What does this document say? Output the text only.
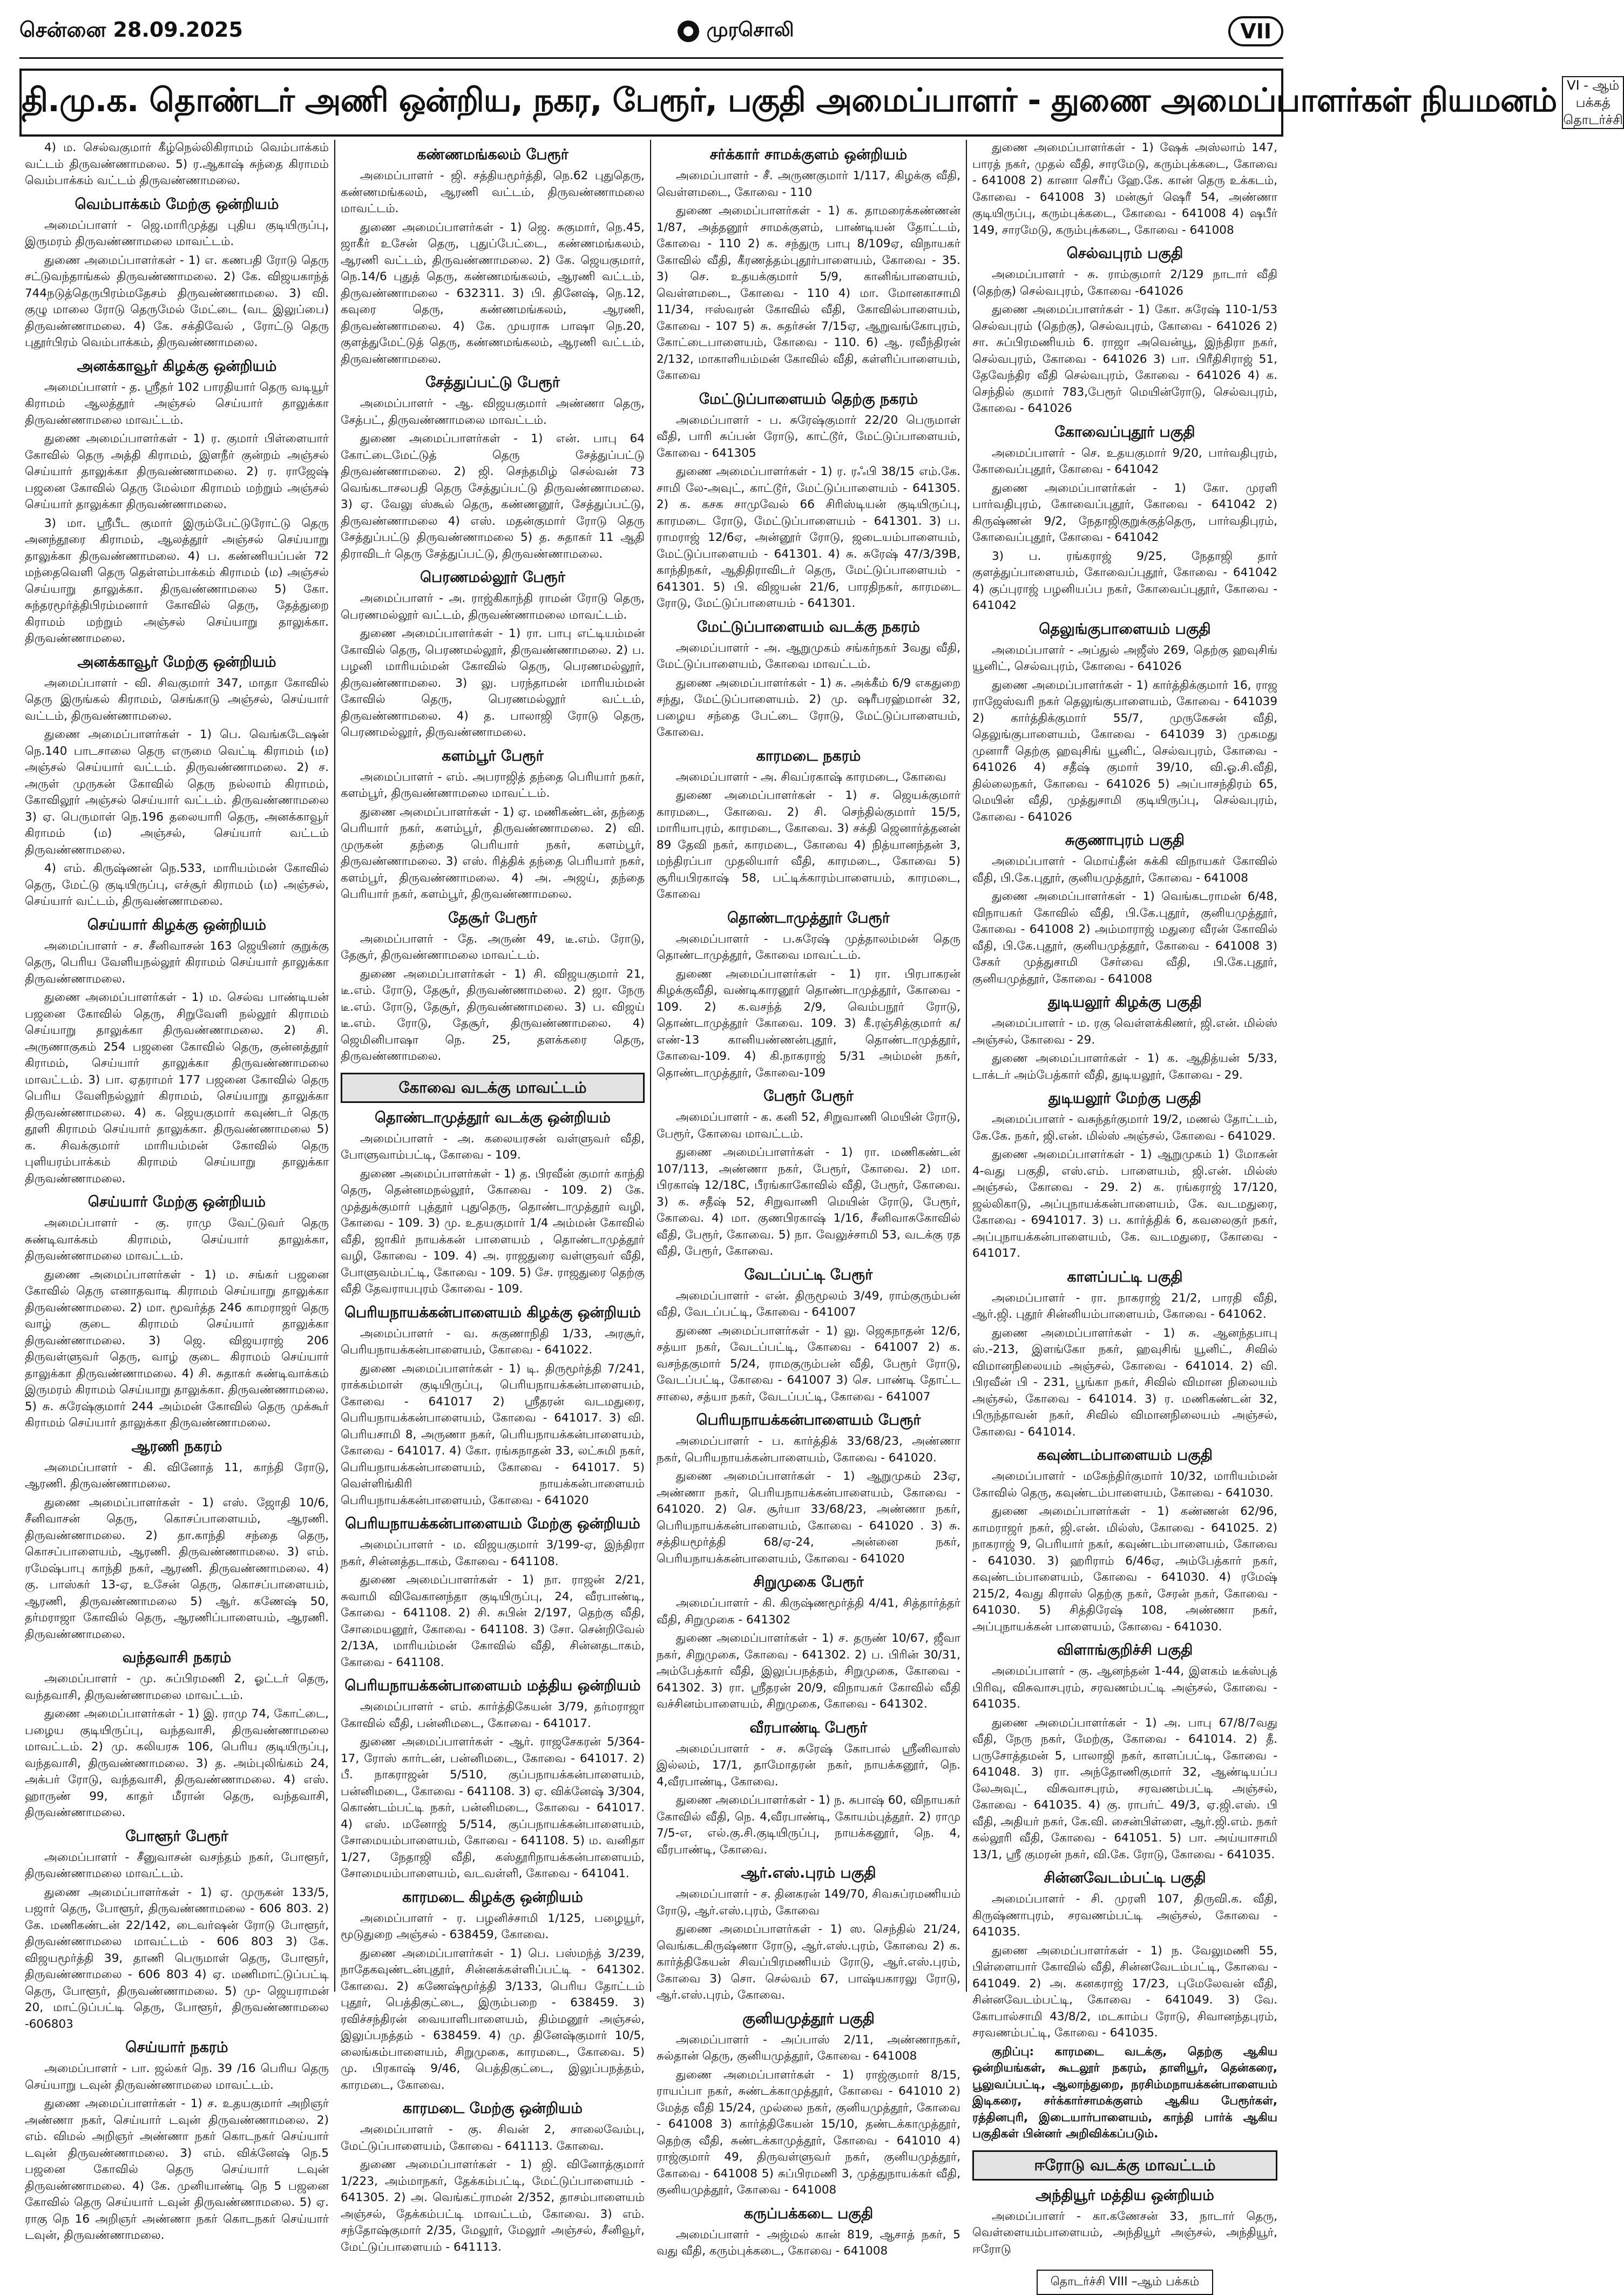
சென்னை 28.09.2025	முரசொலி	VII
தி.மு.க. தொண்டர் அணி ஒன்றிய, நகர, பேரூர், பகுதி அமைப்பாளர் - துணை அமைப்பாளர்கள் நியமனம் VI - ஆம் பக்கத் தொடர்ச்சி

4) ம. செல்வகுமார் கீழ்நெல்லிகிராமம் வெம்பாக்கம் வட்டம் திருவண்ணாமலை. 5) ர.ஆகாஷ் சுந்தை கிராமம் வெம்பாக்கம் வட்டம் திருவண்ணாமலை.

வெம்பாக்கம் மேற்கு ஒன்றியம்

அமைப்பாளர் - ஜெ.மாரிமுத்து புதிய குடியிருப்பு, இருமரம் திருவண்ணாமலை மாவட்டம்.

துணை அமைப்பாளர்கள் - 1) எ. கணபதி ரோடு தெரு சட்டுவந்தாங்கல் திருவண்ணாமலை. 2) கே. விஜயகாந்த் 744நடுத்தெருபிரம்மதேசம் திருவண்ணாமலை. 3) வி. குழு மாலை ரோடு தெருமேல் மேட்டை (வட இலுப்பை) திருவண்ணாமலை. 4) கே. சக்திவேல் , ரோட்டு தெரு புதூர்பிரம் வெம்பாக்கம், திருவண்ணாமலை.

அனக்காவூர் கிழக்கு ஒன்றியம்

அமைப்பாளர் - த. ஸ்ரீதர் 102 பாரதியார் தெரு வடியூர் கிராமம் ஆலத்தூர் அஞ்சல் செய்யார் தாலுக்கா திருவண்ணாமலை மாவட்டம்.

துணை அமைப்பாளர்கள் - 1) ர. குமார் பிள்ளையார் கோவில் தெரு அத்தி கிராமம், இளநீர் குன்றம் அஞ்சல் செய்யார் தாலுக்கா திருவண்ணாமலை. 2) ர. ராஜேஷ் பஜனை கோவில் தெரு மேல்மா கிராமம் மற்றும் அஞ்சல் செய்யார் தாலுக்கா திருவண்ணாமலை.

3) மா. ஸ்ரீபீட குமார் இரும்பேட்டுரோட்டு தெரு அனந்தூரை கிராமம், ஆலத்தூர் அஞ்சல் செய்யாறு தாலுக்கா திருவண்ணாமலை. 4) ப. கண்ணியப்பன் 72 மந்தைவெளி தெரு தெள்ளம்பாக்கம் கிராமம் (ம) அஞ்சல் செய்யாறு தாலுக்கா. திருவண்ணாமலை 5) கோ. சுந்தரமூர்த்திபிரம்மனார் கோவில் தெரு, தேத்துறை கிராமம் மற்றும் அஞ்சல் செய்யாறு தாலுக்கா. திருவண்ணாமலை.

அனக்காவூர் மேற்கு ஒன்றியம்

அமைப்பாளர் - வி. சிவகுமார் 347, மாதா கோவில் தெரு இருங்கல் கிராமம், செங்காடு அஞ்சல், செய்யார் வட்டம், திருவண்ணாமலை.

துணை அமைப்பாளர்கள் - 1) பெ. வெங்கடேஷன் நெ.140 பாடசாலை தெரு எருமை வெட்டி கிராமம் (ம) அஞ்சல் செய்யார் வட்டம். திருவண்ணாமலை. 2) ச. அருள் முருகன் கோவில் தெரு நல்லாம் கிராமம், கோவிலூர் அஞ்சல் செய்யார் வட்டம். திருவண்ணாமலை 3) ஏ. பெருமாள் நெ.196 தலையாரி தெரு, அனக்காவூர் கிராமம் (ம) அஞ்சல், செய்யார் வட்டம் திருவண்ணாமலை.

4) எம். கிருஷ்ணன் நெ.533, மாரியம்மன் கோவில் தெரு, மேட்டு குடியிருப்பு, எச்சூர் கிராமம் (ம) அஞ்சல், செய்யார் வட்டம், திருவண்ணாமலை.

செய்யார் கிழக்கு ஒன்றியம்

அமைப்பாளர் - ச. சீனிவாசன் 163 ஜெயினர் குறுக்கு தெரு, பெரிய வேளியநல்லூர் கிராமம் செய்யார் தாலுக்கா திருவண்ணாமலை.

துணை அமைப்பாளர்கள் - 1) ம. செல்வ பாண்டியன் பஜனை கோவில் தெரு, சிறுவேளி நல்லூர் கிராமம் செய்யாறு தாலுக்கா திருவண்ணாமலை. 2) சி. அருணாகுகம் 254 பஜனை கோவில் தெரு, குன்னத்தூர் கிராமம், செய்யார் தாலுக்கா திருவண்ணாமலை மாவட்டம். 3) பா. ஏதராமர் 177 பஜனை கோவில் தெரு பெரிய வேளிநல்லூர் கிராமம், செய்யாறு தாலுக்கா திருவண்ணாமலை. 4) க. ஜெயகுமார் கவுண்டர் தெரு தூளி கிராமம் செய்யார் தாலுக்கா. திருவண்ணாமலை 5) க. சிவக்குமார் மாரியம்மன் கோவில் தெரு புளியரம்பாக்கம் கிராமம் செய்யாறு தாலுக்கா திருவண்ணாமலை.

செய்யார் மேற்கு ஒன்றியம்

அமைப்பாளர் - கு. ராமு வேட்டுவர் தெரு சுண்டிவாக்கம் கிராமம், செய்யார் தாலுக்கா, திருவண்ணாமலை மாவட்டம்.

துணை அமைப்பாளர்கள் - 1) ம. சங்கர் பஜனை கோவில் தெரு எனாதவாடி கிராமம் செய்யாறு தாலுக்கா திருவண்ணாமலை. 2) மா. மூவர்த்த 246 காமராஜர் தெரு வாழ் குடை கிராமம் செய்யார் தாலுக்கா திருவண்ணாமலை. 3) ஜெ. விஜயராஜ் 206 திருவள்ளுவர் தெரு, வாழ் குடை கிராமம் செய்யார் தாலுக்கா திருவண்ணாமலை. 4) சி. சுதாகர் சுண்டிவாக்கம் இருமரம் கிராமம் செய்யாறு தாலுக்கா. திருவண்ணாமலை. 5) சு. சுரேஷ்குமார் 244 அம்மன் கோவில் தெரு முக்கூர் கிராமம் செய்யார் தாலுக்கா திருவண்ணாமலை.

ஆரணி நகரம்

அமைப்பாளர் - கி. வினோத் 11, காந்தி ரோடு, ஆரணி. திருவண்ணாமலை.

துணை அமைப்பாளர்கள் - 1) எஸ். ஜோதி 10/6, சீனிவாசன் தெரு, கொசப்பாளையம், ஆரணி. திருவண்ணாமலை. 2) தா.காந்தி சந்தை தெரு, கொசப்பாளையம், ஆரணி. திருவண்ணாமலை. 3) எம். ரமேஷ்பாபு காந்தி நகர், ஆரணி. திருவண்ணாமலை. 4) கு. பாஸ்கர் 13-ஏ, உசேன் தெரு, கொசப்பாளையம், ஆரணி, திருவண்ணாமலை 5) ஆர். கணேஷ் 50, தர்மராஜா கோவில் தெரு, ஆரணிப்பாளையம், ஆரணி. திருவண்ணாமலை.

வந்தவாசி நகரம்

அமைப்பாளர் - மு. சுப்பிரமணி 2, ஓட்டர் தெரு, வந்தவாசி, திருவண்ணாமலை மாவட்டம்.

துணை அமைப்பாளர்கள் - 1) இ. ராமு 74, கோட்டை, பழைய குடியிருப்பு, வந்தவாசி, திருவண்ணாமலை மாவட்டம். 2) மு. கலியரசு 106, பெரிய குடியிருப்பு, வந்தவாசி, திருவண்ணாமலை. 3) த. அம்புலிங்கம் 24, அக்பர் ரோடு, வந்தவாசி, திருவண்ணாமலை. 4) எஸ். ஹாருண் 99, காதர் மீரான் தெரு, வந்தவாசி, திருவண்ணாமலை.

போளூர் பேரூர்

அமைப்பாளர் - சீனுவாசன் வசந்தம் நகர், போளூர், திருவண்ணாமலை மாவட்டம்.

துணை அமைப்பாளர்கள் - 1) ஏ. முருகன் 133/5, பஜார் தெரு, போளூர், திருவண்ணாமலை - 606 803. 2) கே. மணிகண்டன் 22/142, டைவர்ஷன் ரோடு போளூர், திருவண்ணாமலை மாவட்டம் - 606 803 3) கே. விஜயமூர்த்தி 39, தாணி பெருமாள் தெரு, போளூர், திருவண்ணாமலை - 606 803 4) ஏ. மணிமாட்டுப்பட்டி தெரு, போளூர், திருவண்ணாமலை. 5) மு- ஜெயராமன் 20, மாட்டுப்பட்டி தெரு, போளூர், திருவண்ணாமலை -606803

செய்யார் நகரம்

அமைப்பாளர் - பா. ஜல்கர் நெ. 39 /16 பெரிய தெரு செய்யாறு டவுன் திருவண்ணாமலை மாவட்டம்.

துணை அமைப்பாளர்கள் - 1) ச. உதயகுமார் அறிஞர் அண்ணா நகர், செய்யார் டவுன் திருவண்ணாமலை. 2) எம். விமல் அறிஞர் அண்ணா நகர் கொடநகர் செய்யார் டவுன் திருவண்ணாமலை. 3) எம். விக்னேஷ் நெ.5 பஜனை கோவில் தெரு செய்யார் டவுன் திருவண்ணாமலை. 4) கே. முனியாண்டி நெ 5 பஜனை கோவில் தெரு செய்யார் டவுன் திருவண்ணாமலை. 5) ஏ. ராகு நெ 16 அறிஞர் அண்ணா நகர் கொடநகர் செய்யார் டவுன், திருவண்ணாமலை.

கண்ணமங்கலம் பேரூர்

அமைப்பாளர் - ஜி. சத்தியமூர்த்தி, நெ.62 புதுதெரு, கண்ணமங்கலம், ஆரணி வட்டம், திருவண்ணாமலை மாவட்டம்.

துணை அமைப்பாளர்கள் - 1) ஜெ. சுகுமார், நெ.45, ஜாகீர் உசேன் தெரு, புதுப்பேட்டை, கண்ணமங்கலம், ஆரணி வட்டம், திருவண்ணாமலை. 2) கே. ஜெயகுமார், நெ.14/6 புதுத் தெரு, கண்ணமங்கலம், ஆரணி வட்டம், திருவண்ணாமலை - 632311. 3) பி. தினேஷ், நெ.12, கவுரை தெரு, கண்ணமங்கலம், ஆரணி, திருவண்ணாமலை. 4) கே. முயராசு பாஷா நெ.20, குளத்துமேட்டுத் தெரு, கண்ணமங்கலம், ஆரணி வட்டம், திருவண்ணாமலை.

சேத்துப்பட்டு பேரூர்

அமைப்பாளர் - ஆ. விஜயகுமார் அண்ணா தெரு, சேத்பட், திருவண்ணாமலை மாவட்டம்.

துணை அமைப்பாளர்கள் - 1) என். பாபு 64 கோட்டைமேட்டுத் தெரு சேத்துப்பட்டு திருவண்ணாமலை. 2) ஜி. செந்தமிழ் செல்வன் 73 வெங்கடாசலபதி தெரு சேத்துப்பட்டு திருவண்ணாமலை. 3) ஏ. வேலு ஸ்கூல் தெரு, கண்ணனூர், சேத்துப்பட்டு, திருவண்ணாமலை 4) எஸ். மதன்குமார் ரோடு தெரு சேத்துப்பட்டு திருவண்ணாமலை 5) த. சுதாகர் 11 ஆதி திராவிடர் தெரு சேத்துப்பட்டு, திருவண்ணாமலை.

பெரணமல்லூர் பேரூர்

அமைப்பாளர் - அ. ராஜ்கிகாந்தி ராமன் ரோடு தெரு, பெரணமல்லூர் வட்டம், திருவண்ணாமலை மாவட்டம்.

துணை அமைப்பாளர்கள் - 1) ரா. பாபு எட்டியம்மன் கோவில் தெரு, பெரணமல்லூர், திருவண்ணாமலை. 2) ப. பழனி மாரியம்மன் கோவில் தெரு, பெரணமல்லூர், திருவண்ணாமலை. 3) லு. பரந்தாமன் மாரியம்மன் கோவில் தெரு, பெரணமல்லூர் வட்டம், திருவண்ணாமலை. 4) த. பாலாஜி ரோடு தெரு, பெரணமல்லூர், திருவண்ணாமலை.

களம்பூர் பேரூர்

அமைப்பாளர் - எம். அபராஜித் தந்தை பெரியார் நகர், களம்பூர், திருவண்ணாமலை மாவட்டம்.

துணை அமைப்பாளர்கள் - 1) ஏ. மணிகண்டன், தந்தை பெரியார் நகர், களம்பூர், திருவண்ணாமலை. 2) வி. முருகன் தந்தை பெரியார் நகர், களம்பூர், திருவண்ணாமலை. 3) எஸ். ரித்திக் தந்தை பெரியார் நகர், களம்பூர், திருவண்ணாமலை. 4) அ. அஜய், தந்தை பெரியார் நகர், களம்பூர், திருவண்ணாமலை.

தேசூர் பேரூர்

அமைப்பாளர் - தே. அருண் 49, டீ.எம். ரோடு, தேசூர், திருவண்ணாமலை மாவட்டம்.

துணை அமைப்பாளர்கள் - 1) சி. விஜயகுமார் 21, டீ.எம். ரோடு, தேசூர், திருவண்ணாமலை. 2) ஜா. நேரு டீ.எம். ரோடு, தேசூர், திருவண்ணாமலை. 3) ப. விஜய் டீ.எம். ரோடு, தேசூர், திருவண்ணாமலை. 4) ஜெமினிபாஷா நெ. 25, தளக்கரை தெரு, திருவண்ணாமலை.

கோவை வடக்கு மாவட்டம்
தொண்டாமுத்தூர் வடக்கு ஒன்றியம்

அமைப்பாளர் - அ. கலையரசன் வள்ளுவர் வீதி, போளுவாம்பட்டி, கோவை - 109.

துணை அமைப்பாளர்கள் - 1) த. பிரவீன் குமார் காந்தி தெரு, தென்னமநல்லூர், கோவை - 109. 2) கே. முத்துக்குமார் புத்தூர் புதுதெரு, தொண்டாமுத்தூர் வழி, கோவை - 109. 3) மு. உதயகுமார் 1/4 அம்மன் கோவில் வீதி, ஜாகிர் நாயக்கன் பாளையம் , தொண்டாமுத்தூர் வழி, கோவை - 109. 4) அ. ராஜதுரை வள்ளுவர் வீதி, போளுவம்பட்டி, கோவை - 109. 5) சே. ராஜதுரை தெற்கு வீதி தேவராயபுரம் கோவை - 109.

பெரியநாயக்கன்பாளையம் கிழக்கு ஒன்றியம்

அமைப்பாளர் - வ. சுகுணாநிதி 1/33, அரசூர், பெரியநாயக்கன்பாளையம், கோவை - 641022.

துணை அமைப்பாளர்கள் - 1) டி. திருமூர்த்தி 7/241, ராக்கம்மாள் குடியிருப்பு, பெரியநாயக்கன்பாளையம், கோவை - 641017 2) ஸ்ரீதரன் வடமதுரை, பெரியநாயக்கன்பாளையம், கோவை - 641017. 3) வி. பெரியசாமி 8, அருணா நகர், பெரியநாயக்கன்பாளையம், கோவை - 641017. 4) கோ. ரங்கநாதன் 33, லட்சுமி நகர், பெரியநாயக்கன்பாளையம், கோவை - 641017. 5) வெள்ளிங்கிரி நாயக்கன்பாளையம் பெரியநாயக்கன்பாளையம், கோவை - 641020

பெரியநாயக்கன்பாளையம் மேற்கு ஒன்றியம்

அமைப்பாளர் - ம. விஜயகுமார் 3/199-ஏ, இந்திரா நகர், சின்னத்தடாகம், கோவை - 641108.

துணை அமைப்பாளர்கள் - 1) நா. ராஜன் 2/21, சுவாமி விவேகானந்தா குடியிருப்பு, 24, வீரபாண்டி, கோவை - 641108. 2) சி. சுபின் 2/197, தெற்கு வீதி, சோமையனூர், கோவை - 641108. 3) சோ. சென்றிவேல் 2/13A, மாரியம்மன் கோவில் வீதி, சின்னதடாகம், கோவை - 641108.

பெரியநாயக்கன்பாளையம் மத்திய ஒன்றியம்

அமைப்பாளர் - எம். கார்த்திகேயன் 3/79, தர்மராஜா கோவில் வீதி, பன்னிமடை, கோவை - 641017.

துணை அமைப்பாளர்கள் - ஆர். ராஜசேகரன் 5/364-17, ரோஸ் கார்டன், பன்னிமடை, கோவை - 641017. 2) பீ. நாகராஜன் 5/510, குப்பநாயக்கன்பாளையம், பன்னிமடை, கோவை - 641108. 3) ஏ. விக்னேஷ் 3/304, கொண்டம்பட்டி நகர், பன்னிமடை, கோவை - 641017. 4) எஸ். மனோஜ் 5/514, குப்பநாயக்கன்பாளையம், சோமையம்பாளையம், கோவை - 641108. 5) ம. வனிதா 1/27, நேதாஜி வீதி, கஸ்தூரிநாயக்கன்பாளையம், சோமையம்பாளையம், வடவள்ளி, கோவை - 641041.

காரமடை கிழக்கு ஒன்றியம்

அமைப்பாளர் - ர. பழனிச்சாமி 1/125, பழையூர், மூடுதுறை அஞ்சல் - 638459, கோவை.

துணை அமைப்பாளர்கள் - 1) பெ. பஸ்மந்த் 3/239, நாதேகவுண்டன்புதூர், சின்னக்கள்ளிப்பட்டி - 641302. கோவை. 2) கணேஷ்மூர்த்தி 3/133, பெரிய தோட்டம் புதூர், பெத்திகுட்டை, இரும்பறை - 638459. 3) ரவிச்சந்திரன் வையாளிபாளையம், திம்மனூர் அஞ்சல், இலுப்பநத்தம் - 638459. 4) மு. தினேஷ்குமார் 10/5, லைங்கம்பாளையம், சிறுமுகை, காரமடை, கோவை. 5) மு. பிரகாஷ் 9/46, பெத்திகுட்டை, இலுப்பநத்தம், காரமடை, கோவை.

காரமடை மேற்கு ஒன்றியம்

அமைப்பாளர் - கு. சிவன் 2, சாலைவேம்பு, மேட்டுப்பாளையம், கோவை - 641113. கோவை.

துணை அமைப்பாளர்கள் - 1) ஜி. வினோத்குமார் 1/223, அம்மாநகர், தேக்கம்பட்டி, மேட்டுப்பாளையம் - 641305. 2) அ. வெங்கட்ராமன் 2/352, தாசம்பாளையம் அஞ்சல், தேக்கம்பட்டி மாவட்டம், கோவை. 3) எம். சந்தோஷ்குமார் 2/35, மேலூர், மேலூர் அஞ்சல், சீனிவூர், மேட்டுப்பாளையம் - 641113.

சர்க்கார் சாமக்குளம் ஒன்றியம்

அமைப்பாளர் - சீ. அருணகுமார் 1/117, கிழக்கு வீதி, வெள்ளமடை, கோவை - 110

துணை அமைப்பாளர்கள் - 1) க. தாமரைக்கண்ணன் 1/87, அத்தனூர் சாமக்குளம், பாண்டியன் தோட்டம், கோவை - 110 2) க. சந்துரு பாபு 8/109ஏ, விநாயகர் கோவில் வீதி, கீரணத்தம்புதூர்பாளையம், கோவை - 35. 3) செ. உதயக்குமார் 5/9, கானிங்பாளையம், வெள்ளமடை, கோவை - 110 4) மா. மோனகாசாமி 11/34, ஈஸ்வரன் கோவில் வீதி, கோவில்பாளையம், கோவை - 107 5) சு. சுதர்சன் 7/15ஏ, ஆறுவங்கோபுரம், கோட்டைபாளையம், கோவை - 110. 6) ஆ. ரவீந்திரன் 2/132, மாகாளியம்மன் கோவில் வீதி, கள்ளிப்பாளையம், கோவை

மேட்டுப்பாளையம் தெற்கு நகரம்

அமைப்பாளர் - ப. சுரேஷ்குமார் 22/20 பெருமாள் வீதி, பாரி சுப்பன் ரோடு, காட்டூர், மேட்டுப்பாளையம், கோவை - 641305

துணை அமைப்பாளர்கள் - 1) ர. ரஃபி 38/15 எம்.கே. சாமி லே-அவுட், காட்டூர், மேட்டுப்பாளையம் - 641305. 2) க. கசக சாமுவேல் 66 சிரிஸ்டியன் குடியிருப்பு, காரமடை ரோடு, மேட்டுப்பாளையம் - 641301. 3) ப. ராமராஜ் 12/6ஏ, அன்னூர் ரோடு, ஜடையம்பாளையம், மேட்டுப்பாளையம் - 641301. 4) சு. சுரேஷ் 47/3/39B, காந்திநகர், ஆதிதிராவிடர் தெரு, மேட்டுப்பாளையம் - 641301. 5) பி. விஜயன் 21/6, பாரதிநகர், காரமடை ரோடு, மேட்டுப்பாளையம் - 641301.

மேட்டுப்பாளையம் வடக்கு நகரம்

அமைப்பாளர் - அ. ஆறுமுகம் சங்கர்நகர் 3வது வீதி, மேட்டுப்பாளையம், கோவை மாவட்டம்.

துணை அமைப்பாளர்கள் - 1) சு. அக்கீம் 6/9 எகதுறை சந்து, மேட்டுப்பாளையம். 2) மு. ஷரீபரஹ்மான் 32, பழைய சந்தை பேட்டை ரோடு, மேட்டுப்பாளையம், கோவை.

காரமடை நகரம்

அமைப்பாளர் - அ. சிவப்ரகாஷ் காரமடை, கோவை

துணை அமைப்பாளர்கள் - 1) ச. ஜெயக்குமார் காரமடை, கோவை. 2) சி. செந்தில்குமார் 15/5, மாரியாபுரம், காரமடை, கோவை. 3) சக்தி ஜெனார்த்தனன் 89 தேவி நகர், காரமடை, கோவை 4) நித்யானந்தன் 3, மந்திரப்பா முதலியார் வீதி, காரமடை, கோவை 5) சூரியபிரகாஷ் 58, பட்டிக்காரம்பாளையம், காரமடை, கோவை

தொண்டாமுத்தூர் பேரூர்

அமைப்பாளர் - ப.சுரேஷ் முத்தாலம்மன் தெரு தொண்டாமுத்தூர், கோவை மாவட்டம்.

துணை அமைப்பாளர்கள் - 1) ரா. பிரபாகரன் கிழக்குவீதி, வண்டிகாரனூர் தொண்டாமுத்தூர், கோவை - 109. 2) க.வசந்த் 2/9, வெம்பநூர் ரோடு, தொண்டாமுத்தூர் கோவை. 109. 3) கீ.ரஞ்சித்குமார் க/எண்-13 கானியண்ணன்புதூர், தொண்டாமுத்தூர், கோவை-109. 4) கி.நாகராஜ் 5/31 அம்மன் நகர், தொண்டாமுத்தூர், கோவை-109

பேரூர் பேரூர்

அமைப்பாளர் - க. கனி 52, சிறுவாணி மெயின் ரோடு, பேரூர், கோவை மாவட்டம்.

துணை அமைப்பாளர்கள் - 1) ரா. மணிகண்டன் 107/113, அண்ணா நகர், பேரூர், கோவை. 2) மா. பிரகாஷ் 12/18C, பீரங்காகோவில் வீதி, பேரூர், கோவை. 3) க. சதீஷ் 52, சிறுவாணி மெயின் ரோடு, பேரூர், கோவை. 4) மா. குணபிரகாஷ் 1/16, சீனிவாசுகோவில் வீதி, பேரூர், கோவை. 5) நா. வேலுச்சாமி 53, வடக்கு ரத வீதி, பேரூர், கோவை.

வேடப்பட்டி பேரூர்

அமைப்பாளர் - என். திருமூலம் 3/49, ராம்குரும்பன் வீதி, வேடப்பட்டி, கோவை - 641007

துணை அமைப்பாளர்கள் - 1) லு. ஜெகநாதன் 12/6, சத்யா நகர், வேடப்பட்டி, கோவை - 641007 2) க. வசந்தகுமார் 5/24, ராமகுரும்பன் வீதி, பேரூர் ரோடு, வேடப்பட்டி, கோவை - 641007 3) செ. பாண்டி தோட்ட சாலை, சத்யா நகர், வேடப்பட்டி, கோவை - 641007

பெரியநாயக்கன்பாளையம் பேரூர்

அமைப்பாளர் - ப. கார்த்திக் 33/68/23, அண்ணா நகர், பெரியநாயக்கன்பாளையம், கோவை - 641020.

துணை அமைப்பாளர்கள் - 1) ஆறுமுகம் 23ஏ, அண்ணா நகர், பெரியநாயக்கன்பாளையம், கோவை - 641020. 2) செ. சூர்யா 33/68/23, அண்ணா நகர், பெரியநாயக்கன்பாளையம், கோவை - 641020 . 3) சு. சத்தியமூர்த்தி 68/ஏ-24, அன்னை நகர், பெரியநாயக்கன்பாளையம், கோவை - 641020

சிறுமுகை பேரூர்

அமைப்பாளர் - கி. கிருஷ்ணமூர்த்தி 4/41, சித்தார்த்தர் வீதி, சிறுமுகை - 641302

துணை அமைப்பாளர்கள் - 1) ச. தருண் 10/67, ஜீவா நகர், சிறுமுகை, கோவை - 641302. 2) ப. பிரின் 30/31, அம்பேத்கார் வீதி, இலுப்பநத்தம், சிறுமுகை, கோவை - 641302. 3) ரா. ஸ்ரீதரன் 20/9, விநாயகர் கோவில் வீதி வச்சினம்பாளையம், சிறுமுகை, கோவை - 641302.

வீரபாண்டி பேரூர்

அமைப்பாளர் - ச. சுரேஷ் கோபால் ஸ்ரீனிவாஸ் இல்லம், 17/1, தாமோதரன் நகர், நாயக்கனூர், நெ. 4,வீரபாண்டி, கோவை.

துணை அமைப்பாளர்கள் - 1) ந. சுபாஷ் 60, விநாயகர் கோவில் வீதி, நெ. 4,வீரபாண்டி, கோயம்புத்தூர். 2) ராமு 7/5-எ, எல்.கு.சி.குடியிருப்பு, நாயக்கனூர், நெ. 4, வீரபாண்டி, கோவை.

ஆர்.எஸ்.புரம் பகுதி

அமைப்பாளர் - ச. தினகரன் 149/70, சிவசுப்ரமணியம் ரோடு, ஆர்.எஸ்.புரம், கோவை

துணை அமைப்பாளர்கள் - 1) ஸ. செந்தில் 21/24, வெங்கடகிருஷ்ணா ரோடு, ஆர்.எஸ்.புரம், கோவை 2) க. கார்த்திகேயன் சிவப்பிரமணியம் ரோடு, ஆர்.எஸ்.புரம், கோவை 3) சொ. செல்வம் 67, பாஷ்யகாரலு ரோடு, ஆர்.எஸ்.புரம், கோவை.

குனியமுத்தூர் பகுதி

அமைப்பாளர் - அப்பாஸ் 2/11, அண்ணாநகர், சுல்தான் தெரு, குனியமுத்தூர், கோவை - 641008

துணை அமைப்பாளர்கள் - 1) ராஜ்குமார் 8/15, ராயப்பா நகர், சுண்டக்காமுத்தூர், கோவை - 641010 2) மேத்த வீதி 15/24, முல்லை நகர், குனியமுத்தூர், கோவை - 641008 3) கார்த்திகேயன் 15/10, தண்டக்காமுத்தூர், தெற்கு வீதி, சுண்டக்காமுத்தூர், கோவை - 641010 4) ராஜ்குமார் 49, திருவள்ளுவர் நகர், குனியமுத்தூர், கோவை - 641008 5) சுப்பிரமணி 3, முத்துநாயக்கர் வீதி, குனியமுத்தூர், கோவை - 641008

கருப்பக்கடை பகுதி

அமைப்பாளர் - அஜ்மல் கான் 819, ஆசாத் நகர், 5 வது வீதி, கரும்புக்கடை, கோவை - 641008

துணை அமைப்பாளர்கள் - 1) ஷேக் அஸ்லாம் 147, பாரத் நகர், முதல் வீதி, சாரமேடு, கரும்புக்கடை, கோவை - 641008 2) கானா செரீப் ஹே.கே. கான் தெரு உக்கடம், கோவை - 641008 3) மன்சூர் ஷெரீ 54, அண்ணா குடியிருப்பு, கரும்புக்கடை, கோவை - 641008 4) ஷபீர் 149, சாரமேடு, கரும்புக்கடை, கோவை - 641008

செல்வபுரம் பகுதி

அமைப்பாளர் - சு. ராம்குமார் 2/129 நாடார் வீதி (தெற்கு) செல்வபுரம், கோவை -641026

துணை அமைப்பாளர்கள் - 1) கோ. சுரேஷ் 110-1/53 செல்வபுரம் (தெற்கு), செல்வபுரம், கோவை - 641026 2) சா. சுப்பிரமணியம் 6. ராஜா அவென்யூ, இந்திரா நகர், செல்வபுரம், கோவை - 641026 3) பா. பிரீதிசிராஜ் 51, தேவேந்திர வீதி செல்வபுரம், கோவை - 641026 4) க. செந்தில் குமார் 783,பேரூர் மெயின்ரோடு, செல்வபுரம், கோவை - 641026

கோவைப்புதூர் பகுதி

அமைப்பாளர் - செ. உதயகுமார் 9/20, பார்வதிபுரம், கோவைப்புதூர், கோவை - 641042

துணை அமைப்பாளர்கள் - 1) கோ. முரளி பார்வதிபுரம், கோவைப்புதூர், கோவை - 641042 2) கிருஷ்ணன் 9/2, நேதாஜிகுறுக்குத்தெரு, பார்வதிபுரம், கோவைப்புதூர், கோவை - 641042

3) ப. ரங்கராஜ் 9/25, நேதாஜி தார் குளத்துப்பாளையம், கோவைப்புதூர், கோவை - 641042 4) குப்புராஜ் பழனியப்ப நகர், கோவைப்புதூர், கோவை - 641042

தெலுங்குபாளையம் பகுதி

அமைப்பாளர் - அப்துல் அஜீஸ் 269, தெற்கு ஹவுசிங் யூனிட், செல்வபுரம், கோவை - 641026

துணை அமைப்பாளர்கள் - 1) கார்த்திக்குமார் 16, ராஜ ராஜேஸ்வரி நகர் தெலுங்குபாளையம், கோவை - 641039 2) கார்த்திக்குமார் 55/7, முருகேசன் வீதி, தெலுங்குபாளையம், கோவை - 641039 3) முகமது முனாரீ தெற்கு ஹவுசிங் யூனிட், செல்வபுரம், கோவை - 641026 4) சதீஷ் குமார் 39/10, வி.ஓ.சி.வீதி, தில்லைநகர், கோவை - 641026 5) அப்பாசந்திரம் 65, மெயின் வீதி, முத்துசாமி குடியிருப்பு, செல்வபுரம், கோவை - 641026

சுகுணாபுரம் பகுதி

அமைப்பாளர் - மொய்தீன் சுக்கி விநாயகர் கோவில் வீதி, பி.கே.புதூர், குனியமுத்தூர், கோவை - 641008

துணை அமைப்பாளர்கள் - 1) வெங்கடராமன் 6/48, விநாயகர் கோவில் வீதி, பி.கே.புதூர், குனியமுத்தூர், கோவை - 641008 2) அம்மாராஜ் மதுரை வீரன் கோவில் வீதி, பி.கே.புதூர், குனியமுத்தூர், கோவை - 641008 3) சேகர் முத்துசாமி சேர்வை வீதி, பி.கே.புதூர், குனியமுத்தூர், கோவை - 641008

துடியலூர் கிழக்கு பகுதி

அமைப்பாளர் - ம. ரகு வெள்ளக்கிணர், ஜி.என். மில்ஸ் அஞ்சல், கோவை - 29.

துணை அமைப்பாளர்கள் - 1) க. ஆதித்யன் 5/33, டாக்டர் அம்பேத்கார் வீதி, துடியலூர், கோவை - 29.

துடியலூர் மேற்கு பகுதி

அமைப்பாளர் - வசுந்தர்குமார் 19/2, மணல் தோட்டம், கே.கே. நகர், ஜி.என். மில்ஸ் அஞ்சல், கோவை - 641029.

துணை அமைப்பாளர்கள் - 1) ஆறுமுகம் 1) மோகன் 4-வது பகுதி, எஸ்.எம். பாளையம், ஜி.என். மில்ஸ் அஞ்சல், கோவை - 29. 2) க. ரங்கராஜ் 17/120, ஜல்லிகாடு, அப்புநாயக்கன்பாளையம், கே. வடமதுரை, கோவை - 6941017. 3) ப. கார்த்திக் 6, கவலைகுர் நகர், அப்புநாயக்கன்பாளையம், கே. வடமதுரை, கோவை - 641017.

காளப்பட்டி பகுதி

அமைப்பாளர் - ரா. நாகராஜ் 21/2, பாரதி வீதி, ஆர்.ஜி. புதூர் சின்னியம்பாளையம், கோவை - 641062.

துணை அமைப்பாளர்கள் - 1) சு. ஆனந்தபாபு ஸ்.-213, இளங்கோ நகர், ஹவுசிங் யூனிட், சிவில் விமானநிலையம் அஞ்சல், கோவை - 641014. 2) வி. பிரவீன் பி - 231, பூங்கா நகர், சிவில் விமான நிலையம் அஞ்சல், கோவை - 641014. 3) ர. மணிகண்டன் 32, பிருந்தாவன் நகர், சிவில் விமானநிலையம் அஞ்சல், கோவை - 641014.

கவுண்டம்பாளையம் பகுதி

அமைப்பாளர் - மகேந்திர்குமார் 10/32, மாரியம்மன் கோவில் தெரு, கவுண்டம்பாளையம், கோவை - 641030.

துணை அமைப்பாளர்கள் - 1) கண்ணன் 62/96, காமராஜர் நகர், ஜி.என். மில்ஸ், கோவை - 641025. 2) நாகராஜ் 9, பெரியார் நகர், கவுண்டம்பாளையம், கோவை - 641030. 3) ஹரிராம் 6/46ஏ, அம்பேத்கார் நகர், கவுண்டம்பாளையம், கோவை - 641030. 4) ரமேஷ் 215/2, 4வது கிராஸ் தெற்கு நகர், சேரன் நகர், கோவை - 641030. 5) சித்திரேஷ் 108, அண்ணா நகர், அப்புநாயக்கன் பாளையம், கோவை - 641030.

விளாங்குறிச்சி பகுதி

அமைப்பாளர் - கு. ஆனந்தன் 1-44, இளகம் டீக்ஸ்புத் பிரிவு, விசுவாசபுரம், சரவணம்பட்டி அஞ்சல், கோவை - 641035.

துணை அமைப்பாளர்கள் - 1) அ. பாபு 67/8/7வது வீதி, நேரு நகர், மேற்கு, கோவை - 641014. 2) தீ. பருசோத்தமன் 5, பாலாஜி நகர், காளப்பட்டி, கோவை - 641048. 3) ரா. அந்தோணிகுமார் 32, ஆண்டியப்ப லேஅவுட், விசுவாசபுரம், சரவணம்பட்டி அஞ்சல், கோவை - 641035. 4) கு. ராபர்ட் 49/3, ஏ.ஜி.எஸ். பி வீதி, அதியர் நகர், கே.வி. சைன்பிள்ளை, ஆர்.ஜி.எம். நகர் கல்லூரி வீதி, கோவை - 641051. 5) பா. அய்யாசாமி 13/1, ஸ்ரீ குமரன் நகர், வி.கே. ரோடு, கோவை - 641035.

சின்னவேடம்பட்டி பகுதி

அமைப்பாளர் - சி. முரளி 107, திருவி.க. வீதி, கிருஷ்ணாபுரம், சரவணம்பட்டி அஞ்சல், கோவை - 641035.

துணை அமைப்பாளர்கள் - 1) ந. வேலுமணி 55, பிள்ளையார் கோவில் வீதி, சின்னவேடம்பட்டி, கோவை - 641049. 2) அ. கனகராஜ் 17/23, புமேலேவன் வீதி, சின்னவேடம்பட்டி, கோவை - 641049. 3) வே. கோபால்சாமி 43/8/2, மடகாம்ப ரோடு, சிவானந்தபுரம், சரவணம்பட்டி, கோவை - 641035.

குறிப்பு: காரமடை வடக்கு, தெற்கு ஆகிய ஒன்றியங்கள், கூடலூர் நகரம், தாளியூர், தென்கரை, பூலுவப்பட்டி, ஆலாந்துறை, நரசிம்மநாயக்கன்பாளையம் இடிகரை, சர்க்கார்சாமக்குளம் ஆகிய பேரூர்கள், ரத்தினபுரி, இடையார்பாளையம், காந்தி பார்க் ஆகிய பகுதிகள் பின்னர் அறிவிக்கப்படும்.

ஈரோடு வடக்கு மாவட்டம்
அந்தியூர் மத்திய ஒன்றியம்

அமைப்பாளர் - கா.கணேசன் 33, நாடார் தெரு, வெள்ளையம்பாளையம், அந்தியூர் அஞ்சல், அந்தியூர், ஈரோடு

தொடர்ச்சி VIII –ஆம் பக்கம்
